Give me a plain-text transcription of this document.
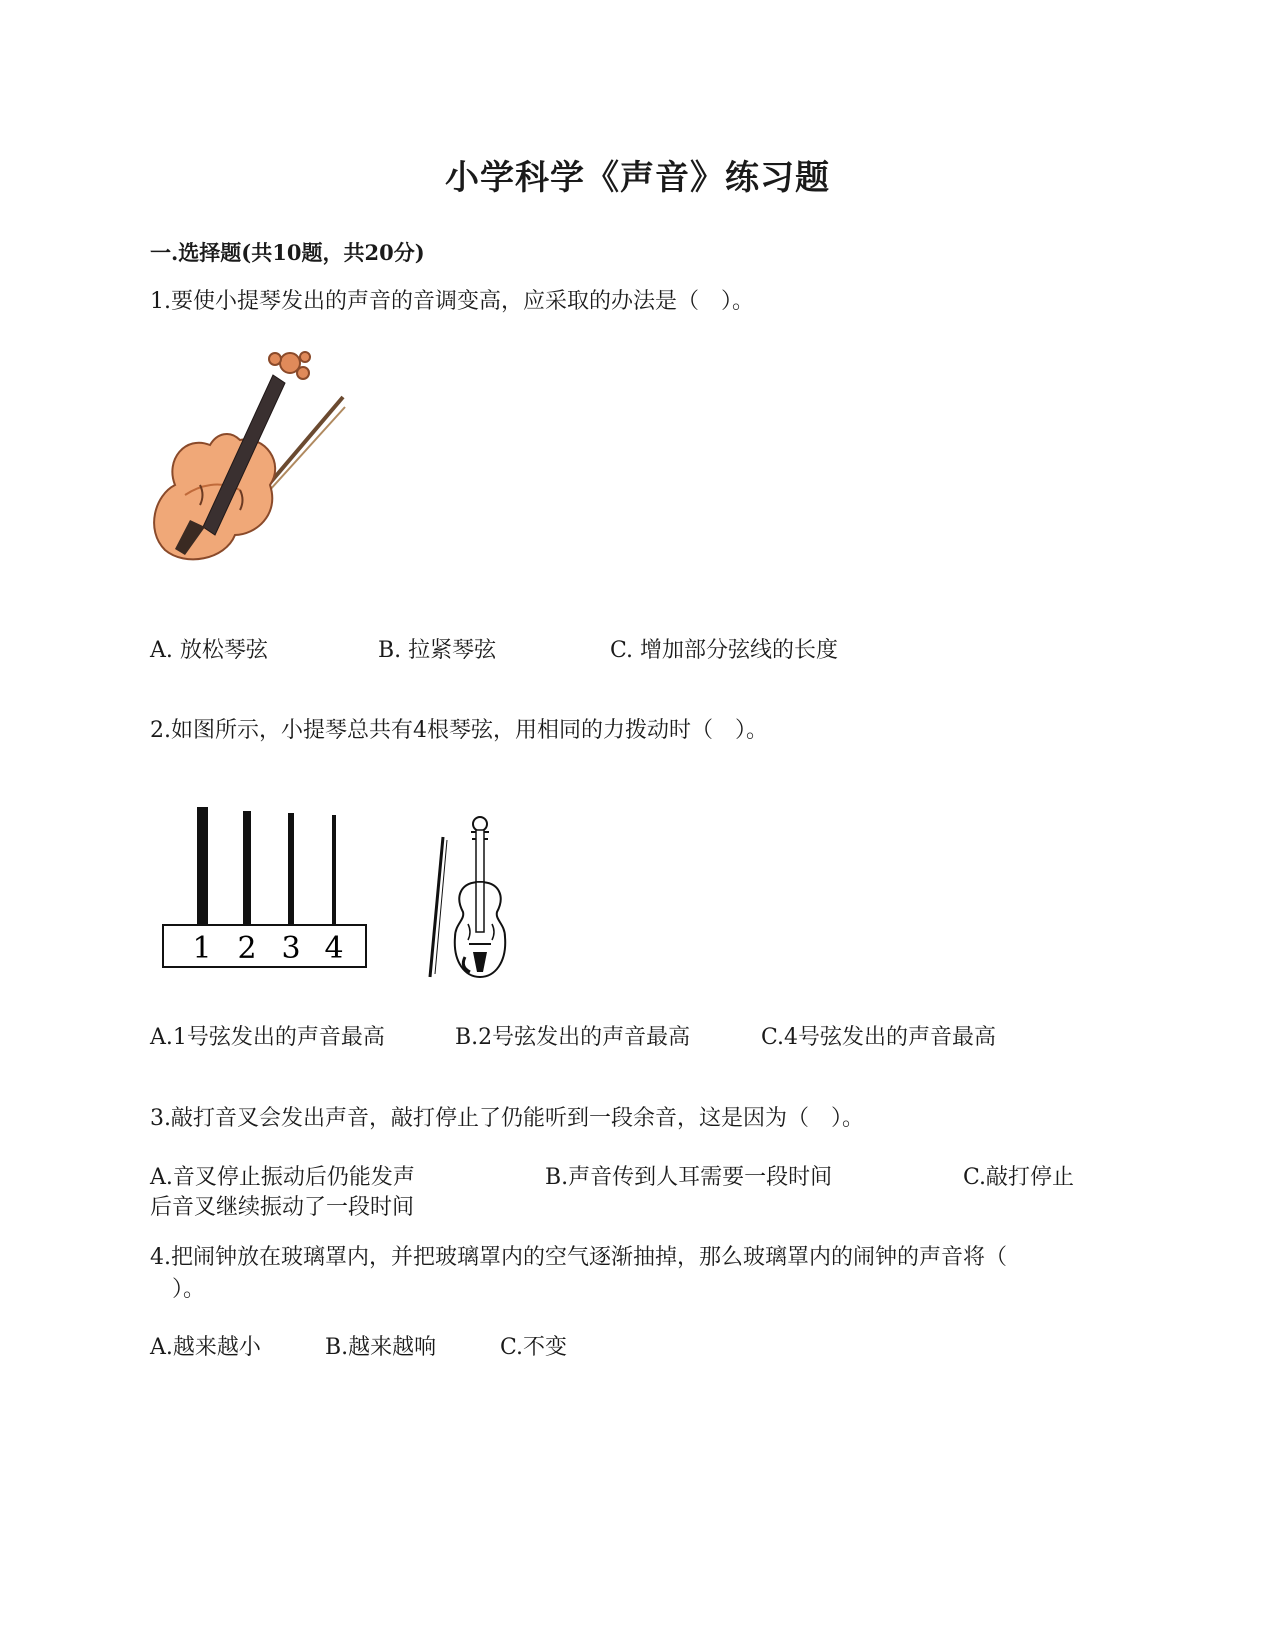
小学科学《声音》练习题
一.选择题(共10题，共20分)
1.要使小提琴发出的声音的音调变高，应采取的办法是（　）。
A. 放松琴弦	B. 拉紧琴弦	C. 增加部分弦线的长度
2.如图所示，小提琴总共有4根琴弦，用相同的力拨动时（　）。
1 2 3 4
A.1号弦发出的声音最高	B.2号弦发出的声音最高	C.4号弦发出的声音最高
3.敲打音叉会发出声音，敲打停止了仍能听到一段余音，这是因为（　）。
A.音叉停止振动后仍能发声	B.声音传到人耳需要一段时间	C.敲打停止
后音叉继续振动了一段时间
4.把闹钟放在玻璃罩内，并把玻璃罩内的空气逐渐抽掉，那么玻璃罩内的闹钟的声音将（
　）。
A.越来越小	B.越来越响	C.不变
